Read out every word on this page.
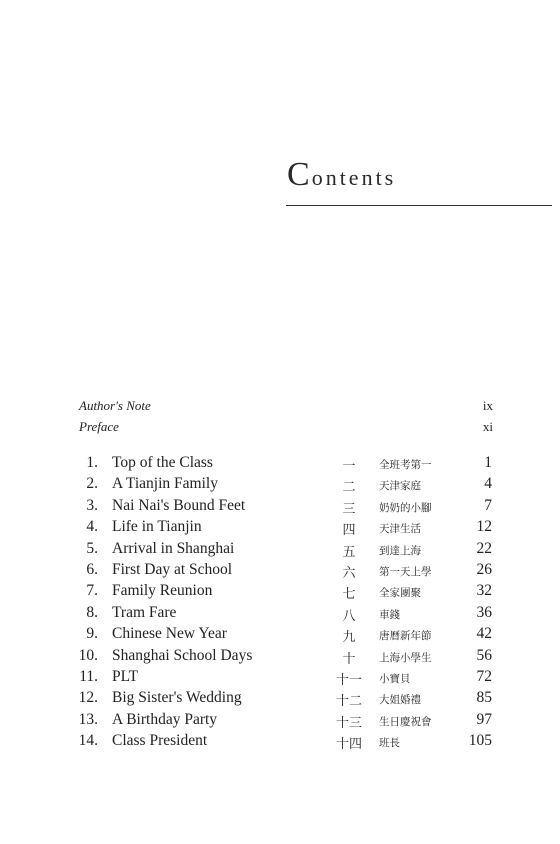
Contents
Author's Note	ix
Preface	xi
1. Top of the Class	一	全班考第一	1
2. A Tianjin Family	二	天津家庭	4
3. Nai Nai's Bound Feet	三	奶奶的小腳	7
4. Life in Tianjin	四	天津生活	12
5. Arrival in Shanghai	五	到達上海	22
6. First Day at School	六	第一天上學	26
7. Family Reunion	七	全家團聚	32
8. Tram Fare	八	車錢	36
9. Chinese New Year	九	唐曆新年節	42
10. Shanghai School Days	十	上海小學生	56
11. PLT	十一	小寶貝	72
12. Big Sister's Wedding	十二	大姐婚禮	85
13. A Birthday Party	十三	生日慶祝會	97
14. Class President	十四	班長	105
